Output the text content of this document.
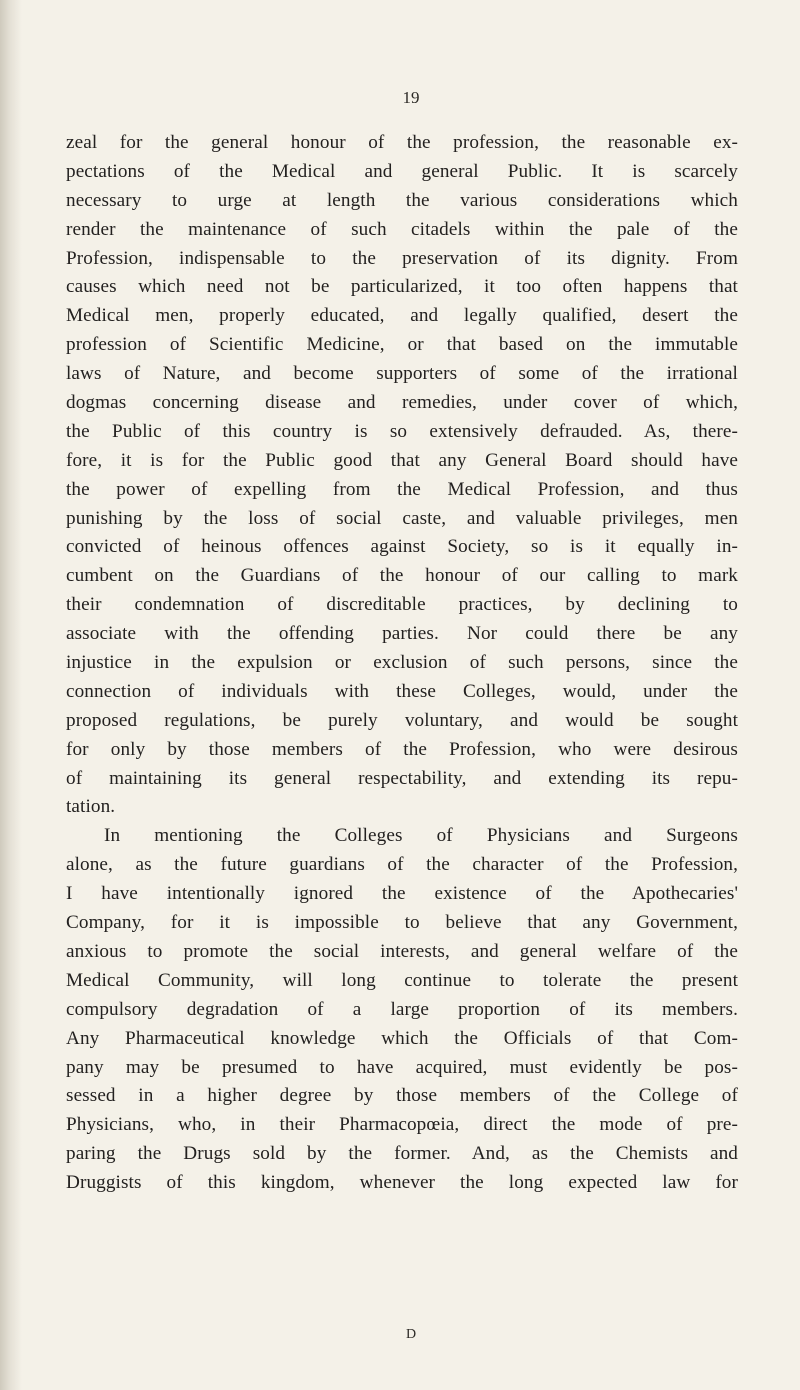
19
zeal for the general honour of the profession, the reasonable ex-
pectations of the Medical and general Public. It is scarcely
necessary to urge at length the various considerations which
render the maintenance of such citadels within the pale of the
Profession, indispensable to the preservation of its dignity. From
causes which need not be particularized, it too often happens that
Medical men, properly educated, and legally qualified, desert the
profession of Scientific Medicine, or that based on the immutable
laws of Nature, and become supporters of some of the irrational
dogmas concerning disease and remedies, under cover of which,
the Public of this country is so extensively defrauded. As, there-
fore, it is for the Public good that any General Board should have
the power of expelling from the Medical Profession, and thus
punishing by the loss of social caste, and valuable privileges, men
convicted of heinous offences against Society, so is it equally in-
cumbent on the Guardians of the honour of our calling to mark
their condemnation of discreditable practices, by declining to
associate with the offending parties. Nor could there be any
injustice in the expulsion or exclusion of such persons, since the
connection of individuals with these Colleges, would, under the
proposed regulations, be purely voluntary, and would be sought
for only by those members of the Profession, who were desirous
of maintaining its general respectability, and extending its repu-
tation.
In mentioning the Colleges of Physicians and Surgeons
alone, as the future guardians of the character of the Profession,
I have intentionally ignored the existence of the Apothecaries'
Company, for it is impossible to believe that any Government,
anxious to promote the social interests, and general welfare of the
Medical Community, will long continue to tolerate the present
compulsory degradation of a large proportion of its members.
Any Pharmaceutical knowledge which the Officials of that Com-
pany may be presumed to have acquired, must evidently be pos-
sessed in a higher degree by those members of the College of
Physicians, who, in their Pharmacopœia, direct the mode of pre-
paring the Drugs sold by the former. And, as the Chemists and
Druggists of this kingdom, whenever the long expected law for
D
